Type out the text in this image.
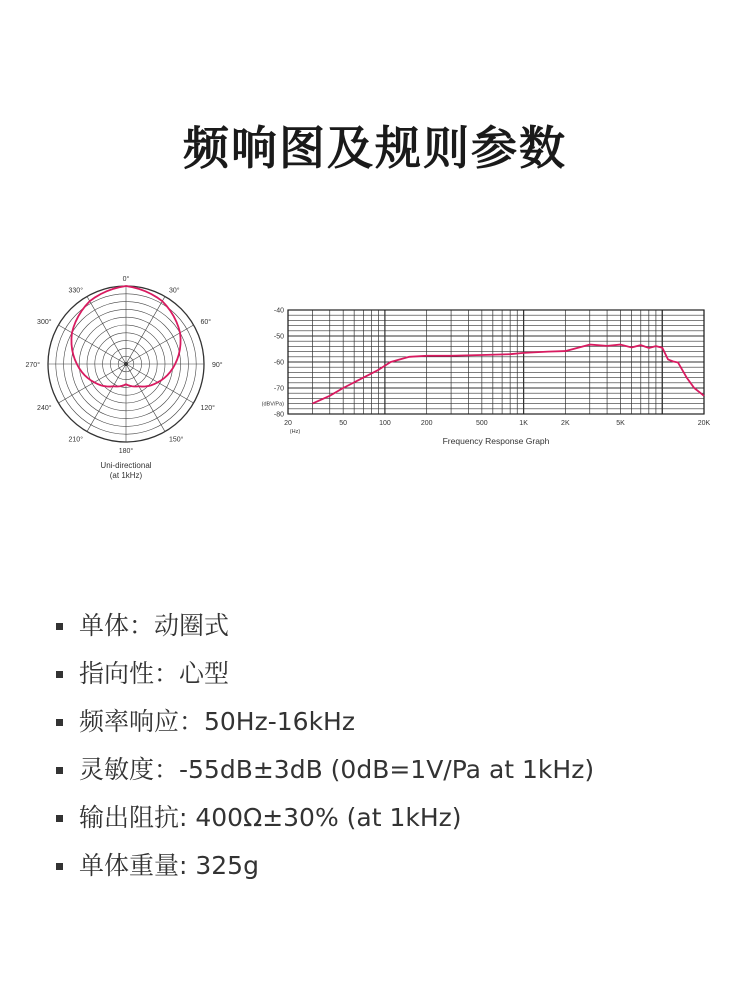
频响图及规则参数
0°
30°
60°
90°
120°
150°
180°
210°
240°
270°
300°
330°
Uni-directional
(at 1kHz)
-40
-50
-60
-70
-80
(dBV/Pa)
20	50	100	200	500	1K	2K	5K	20K
(Hz)
Frequency Response Graph
单体：动圈式
指向性：心型
频率响应：50Hz-16kHz
灵敏度：-55dB±3dB (0dB=1V/Pa at 1kHz)
输出阻抗: 400Ω±30% (at 1kHz)
单体重量: 325g
